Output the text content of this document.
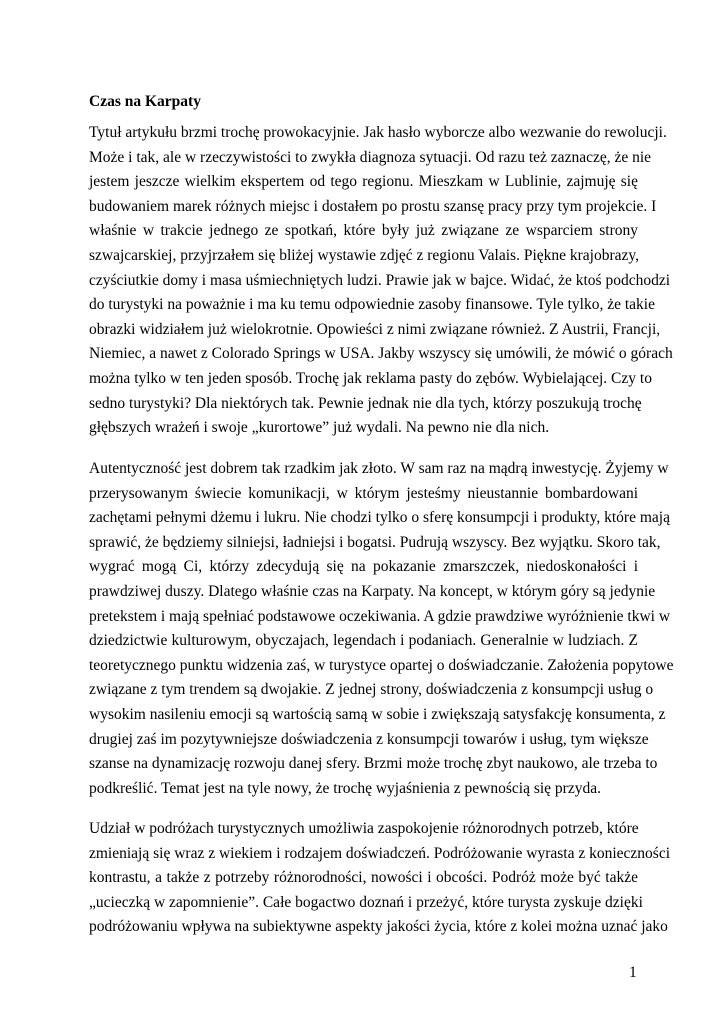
Czas na Karpaty
Tytuł artykułu brzmi trochę prowokacyjnie. Jak hasło wyborcze albo wezwanie do rewolucji.
Może i tak, ale w rzeczywistości to zwykła diagnoza sytuacji. Od razu też zaznaczę, że nie
jestem jeszcze wielkim ekspertem od tego regionu. Mieszkam w Lublinie, zajmuję się
budowaniem marek różnych miejsc i dostałem po prostu szansę pracy przy tym projekcie. I
właśnie w trakcie jednego ze spotkań, które były już związane ze wsparciem strony
szwajcarskiej, przyjrzałem się bliżej wystawie zdjęć z regionu Valais. Piękne krajobrazy,
czyściutkie domy i masa uśmiechniętych ludzi. Prawie jak w bajce. Widać, że ktoś podchodzi
do turystyki na poważnie i ma ku temu odpowiednie zasoby finansowe. Tyle tylko, że takie
obrazki widziałem już wielokrotnie. Opowieści z nimi związane również. Z Austrii, Francji,
Niemiec, a nawet z Colorado Springs w USA. Jakby wszyscy się umówili, że mówić o górach
można tylko w ten jeden sposób. Trochę jak reklama pasty do zębów. Wybielającej. Czy to
sedno turystyki? Dla niektórych tak. Pewnie jednak nie dla tych, którzy poszukują trochę
głębszych wrażeń i swoje „kurortowe” już wydali. Na pewno nie dla nich.
Autentyczność jest dobrem tak rzadkim jak złoto. W sam raz na mądrą inwestycję. Żyjemy w
przerysowanym świecie komunikacji, w którym jesteśmy nieustannie bombardowani
zachętami pełnymi dżemu i lukru. Nie chodzi tylko o sferę konsumpcji i produkty, które mają
sprawić, że będziemy silniejsi, ładniejsi i bogatsi. Pudrują wszyscy. Bez wyjątku. Skoro tak,
wygrać mogą Ci, którzy zdecydują się na pokazanie zmarszczek, niedoskonałości i
prawdziwej duszy. Dlatego właśnie czas na Karpaty. Na koncept, w którym góry są jedynie
pretekstem i mają spełniać podstawowe oczekiwania. A gdzie prawdziwe wyróżnienie tkwi w
dziedzictwie kulturowym, obyczajach, legendach i podaniach. Generalnie w ludziach. Z
teoretycznego punktu widzenia zaś, w turystyce opartej o doświadczanie. Założenia popytowe
związane z tym trendem są dwojakie. Z jednej strony, doświadczenia z konsumpcji usług o
wysokim nasileniu emocji są wartością samą w sobie i zwiększają satysfakcję konsumenta, z
drugiej zaś im pozytywniejsze doświadczenia z konsumpcji towarów i usług, tym większe
szanse na dynamizację rozwoju danej sfery. Brzmi może trochę zbyt naukowo, ale trzeba to
podkreślić. Temat jest na tyle nowy, że trochę wyjaśnienia z pewnością się przyda.
Udział w podróżach turystycznych umożliwia zaspokojenie różnorodnych potrzeb, które
zmieniają się wraz z wiekiem i rodzajem doświadczeń. Podróżowanie wyrasta z konieczności
kontrastu, a także z potrzeby różnorodności, nowości i obcości. Podróż może być także
„ucieczką w zapomnienie”. Całe bogactwo doznań i przeżyć, które turysta zyskuje dzięki
podróżowaniu wpływa na subiektywne aspekty jakości życia, które z kolei można uznać jako
1
